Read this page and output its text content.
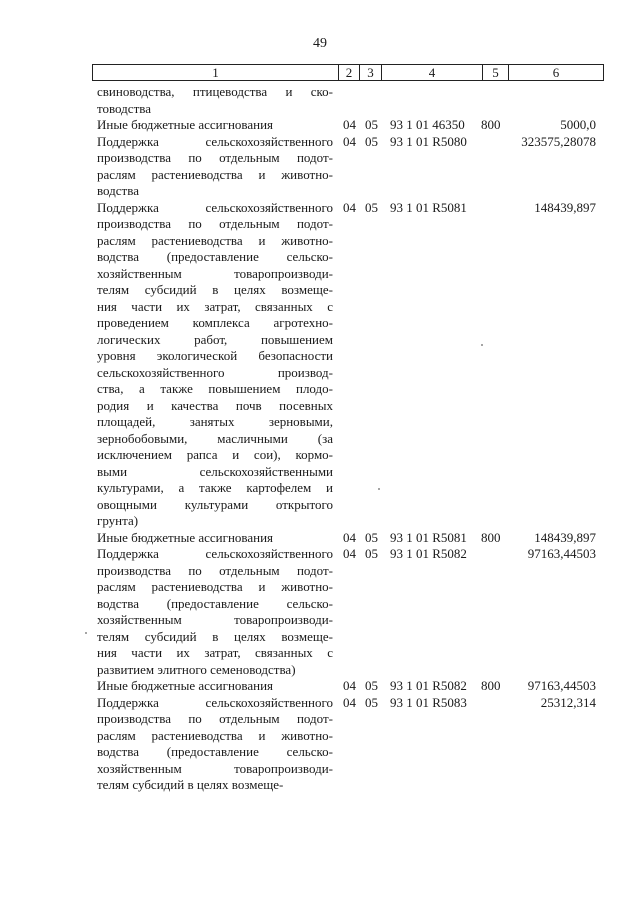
49
1	2	3	4	5	6
свиноводства, птицеводства и ско-
товодства
Иные бюджетные ассигнования	04 05 93 1 01 46350 800	5000,0
Поддержка сельскохозяйственного
производства по отдельным подот-
раслям растениеводства и животно-
водства
04 05 93 1 01 R5080	323575,28078
Поддержка сельскохозяйственного
производства по отдельным подот-
раслям растениеводства и животно-
водства (предоставление сельско-
хозяйственным товаропроизводи-
телям субсидий в целях возмеще-
ния части их затрат, связанных с
проведением комплекса агротехно-
логических работ, повышением
уровня экологической безопасности
сельскохозяйственного производ-
ства, а также повышением плодо-
родия и качества почв посевных
площадей, занятых зерновыми,
зернобобовыми, масличными (за
исключением рапса и сои), кормо-
выми сельскохозяйственными
культурами, а также картофелем и
овощными культурами открытого
грунта)
04 05 93 1 01 R5081	148439,897
Иные бюджетные ассигнования	04 05 93 1 01 R5081 800	148439,897
Поддержка сельскохозяйственного
производства по отдельным подот-
раслям растениеводства и животно-
водства (предоставление сельско-
хозяйственным товаропроизводи-
телям субсидий в целях возмеще-
ния части их затрат, связанных с
развитием элитного семеноводства)
04 05 93 1 01 R5082	97163,44503
Иные бюджетные ассигнования	04 05 93 1 01 R5082 800 97163,44503
Поддержка сельскохозяйственного
производства по отдельным подот-
раслям растениеводства и животно-
водства (предоставление сельско-
хозяйственным товаропроизводи-
телям субсидий в целях возмеще-
04 05 93 1 01 R5083	25312,314
